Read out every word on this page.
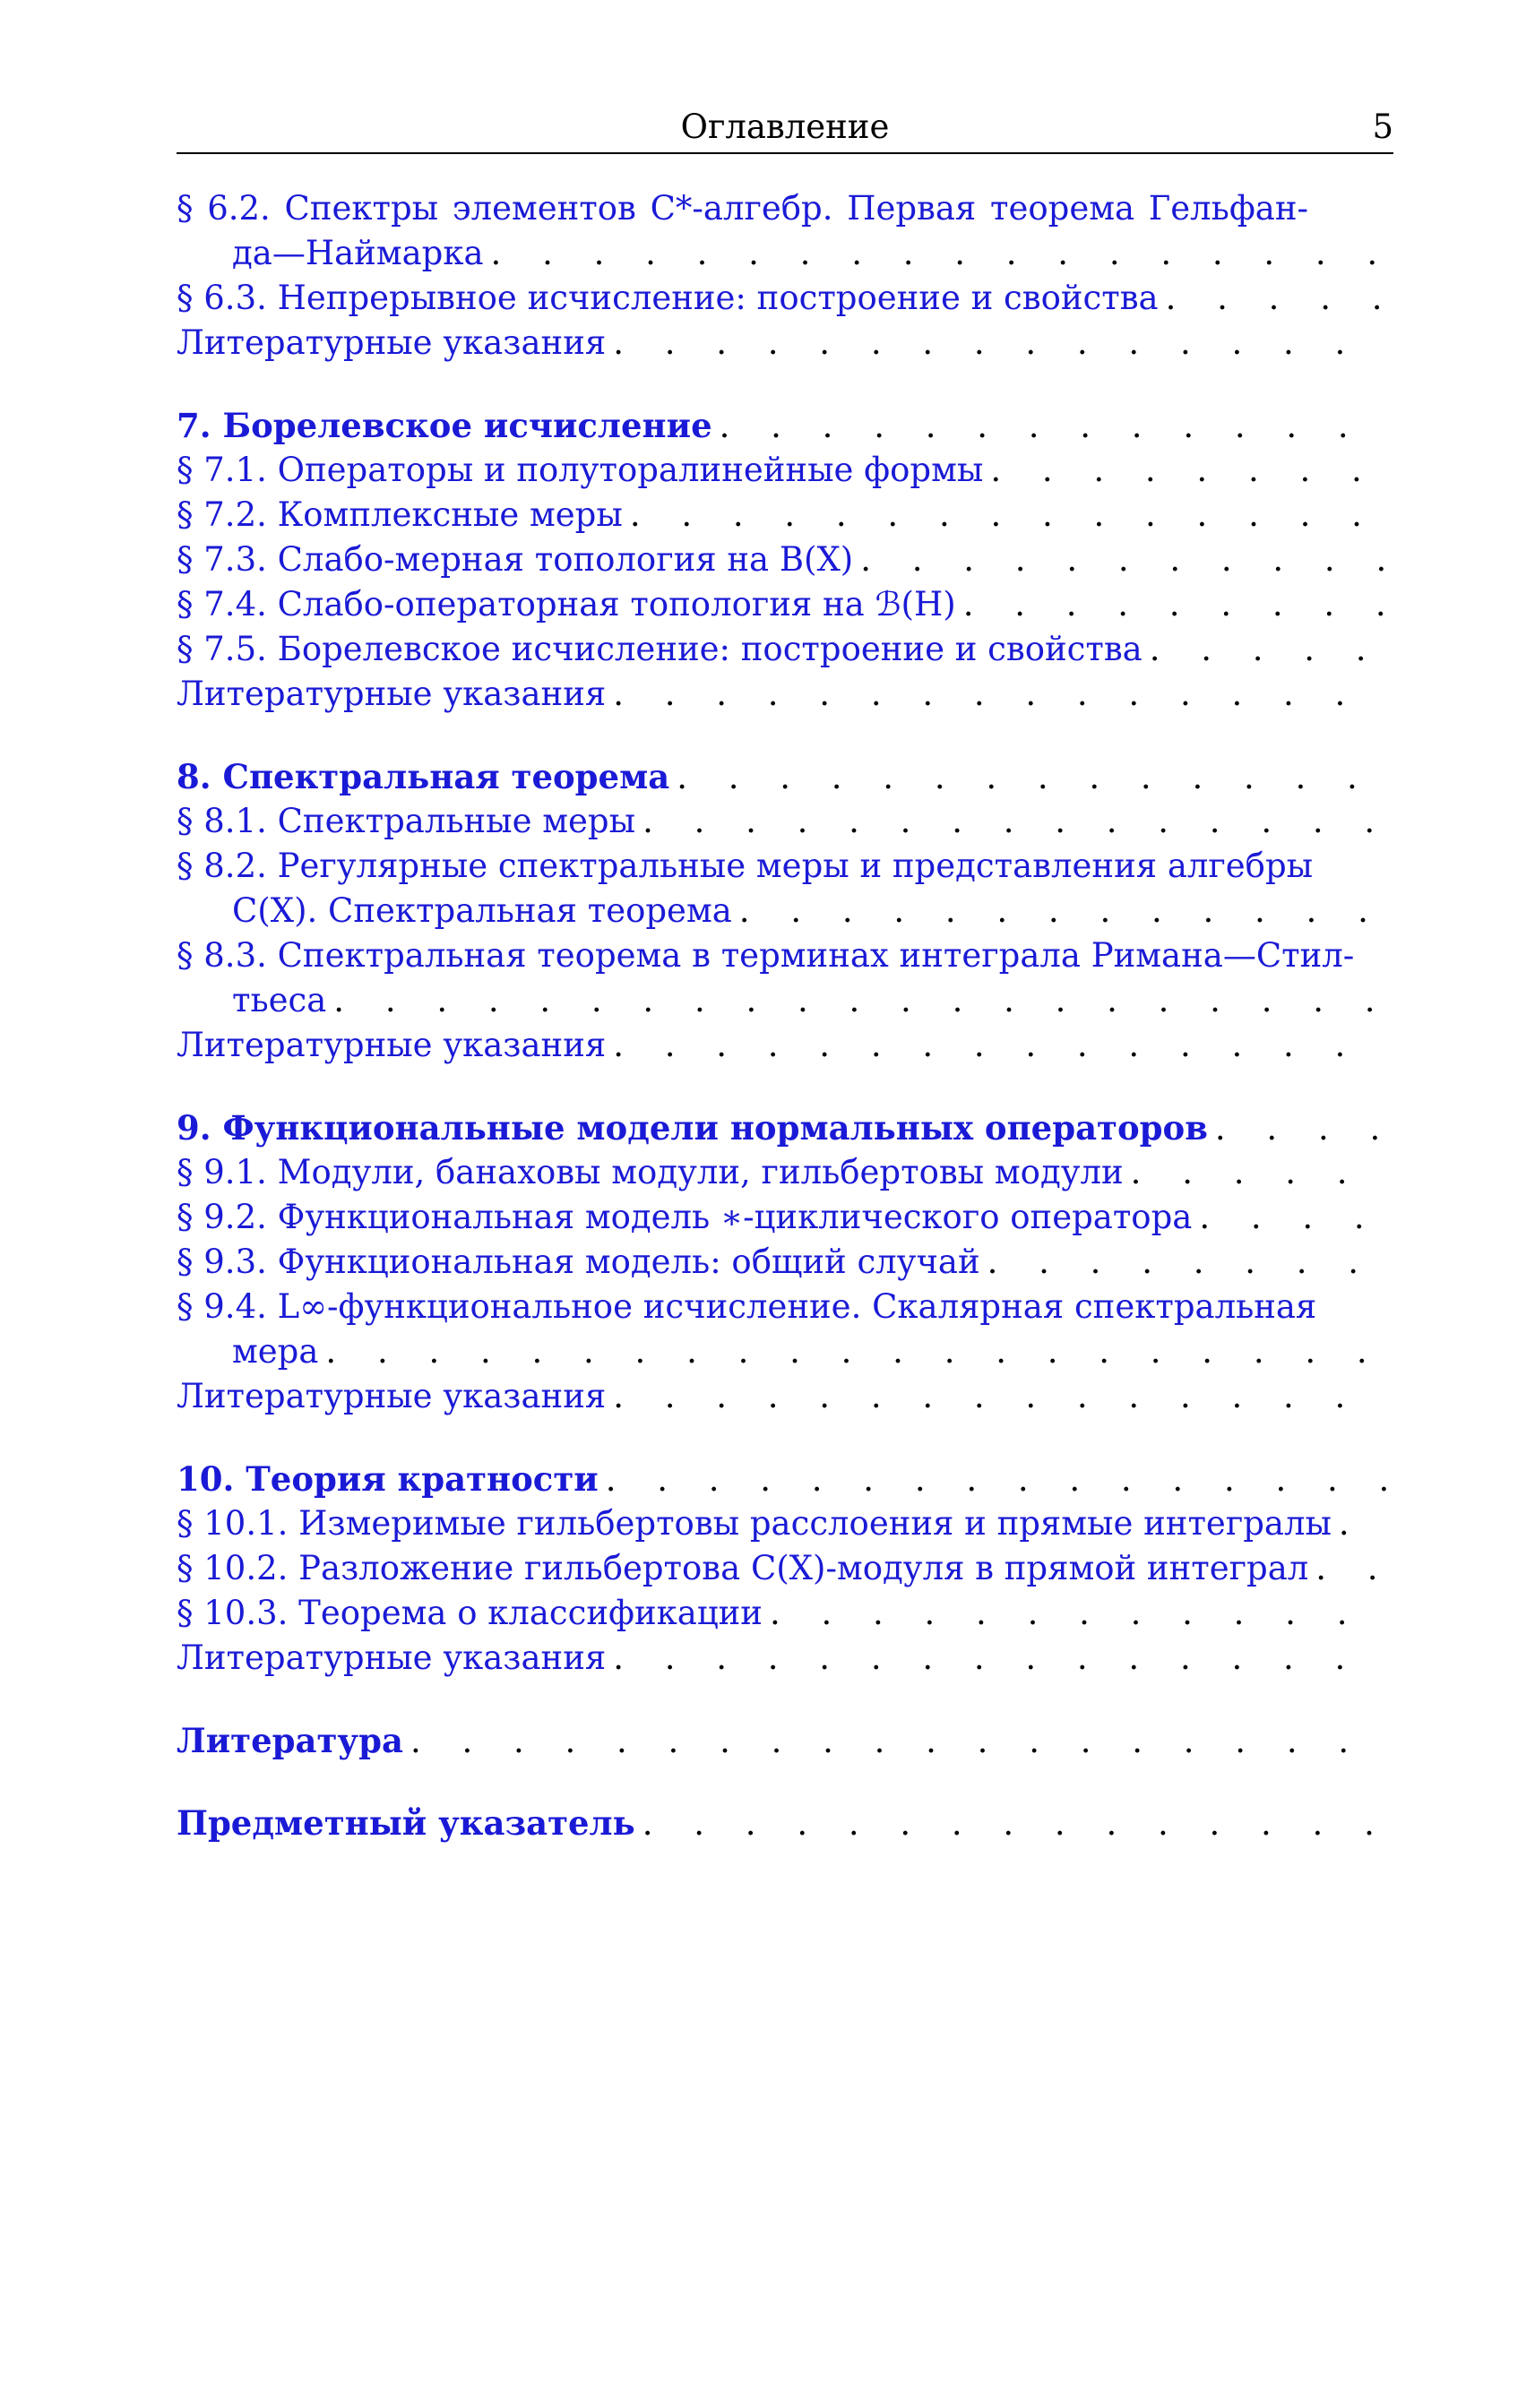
Оглавление	5
§ 6.2. Спектры элементов C*-алгебр. Первая теорема Гельфан-
да—Наймарка
. . .
§ 6.3. Непрерывное исчисление: построение и свойства
. . .
Литературные указания
. . .
7. Борелевское исчисление
. . .
§ 7.1. Операторы и полуторалинейные формы
. . .
§ 7.2. Комплексные меры
. . .
§ 7.3. Слабо-мерная топология на B(X)
. . .
§ 7.4. Слабо-операторная топология на ℬ(H)
. . .
§ 7.5. Борелевское исчисление: построение и свойства
. . .
Литературные указания
. . .
8. Спектральная теорема
. . .
§ 8.1. Спектральные меры
. . .
§ 8.2. Регулярные спектральные меры и представления алгебры
C(X). Спектральная теорема
. . .
§ 8.3. Спектральная теорема в терминах интеграла Римана—Стил-
тьеса
. . .
Литературные указания
. . .
9. Функциональные модели нормальных операторов
. . .
§ 9.1. Модули, банаховы модули, гильбертовы модули
. . .
§ 9.2. Функциональная модель ∗-циклического оператора
. . .
§ 9.3. Функциональная модель: общий случай
. . .
§ 9.4. L∞-функциональное исчисление. Скалярная спектральная
мера
. . .
Литературные указания
. . .
10. Теория кратности
. . .
§ 10.1. Измеримые гильбертовы расслоения и прямые интегралы
. . .
§ 10.2. Разложение гильбертова C(X)-модуля в прямой интеграл
. . .
§ 10.3. Теорема о классификации
. . .
Литературные указания
. . .
Литература
. . .
Предметный указатель
. . .
